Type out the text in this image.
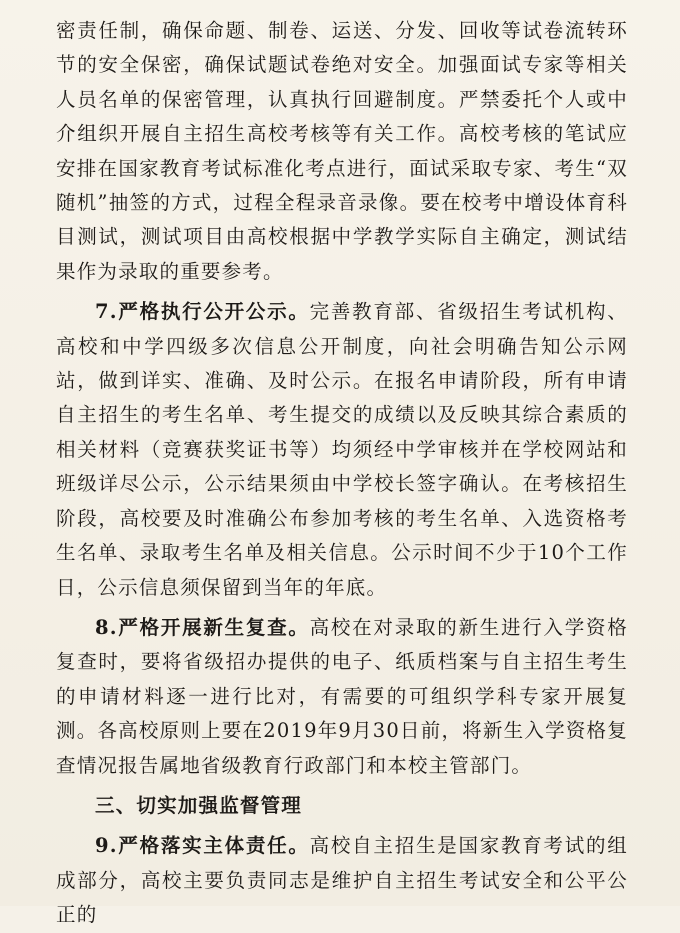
密责任制，确保命题、制卷、运送、分发、回收等试卷流转环节的安全保密，确保试题试卷绝对安全。加强面试专家等相关人员名单的保密管理，认真执行回避制度。严禁委托个人或中介组织开展自主招生高校考核等有关工作。高校考核的笔试应安排在国家教育考试标准化考点进行，面试采取专家、考生“双随机”抽签的方式，过程全程录音录像。要在校考中增设体育科目测试，测试项目由高校根据中学教学实际自主确定，测试结果作为录取的重要参考。

7.严格执行公开公示。完善教育部、省级招生考试机构、高校和中学四级多次信息公开制度，向社会明确告知公示网站，做到详实、准确、及时公示。在报名申请阶段，所有申请自主招生的考生名单、考生提交的成绩以及反映其综合素质的相关材料（竞赛获奖证书等）均须经中学审核并在学校网站和班级详尽公示，公示结果须由中学校长签字确认。在考核招生阶段，高校要及时准确公布参加考核的考生名单、入选资格考生名单、录取考生名单及相关信息。公示时间不少于10个工作日，公示信息须保留到当年的年底。

8.严格开展新生复查。高校在对录取的新生进行入学资格复查时，要将省级招办提供的电子、纸质档案与自主招生考生的申请材料逐一进行比对，有需要的可组织学科专家开展复测。各高校原则上要在2019年9月30日前，将新生入学资格复查情况报告属地省级教育行政部门和本校主管部门。

三、切实加强监督管理

9.严格落实主体责任。高校自主招生是国家教育考试的组成部分，高校主要负责同志是维护自主招生考试安全和公平公正的
